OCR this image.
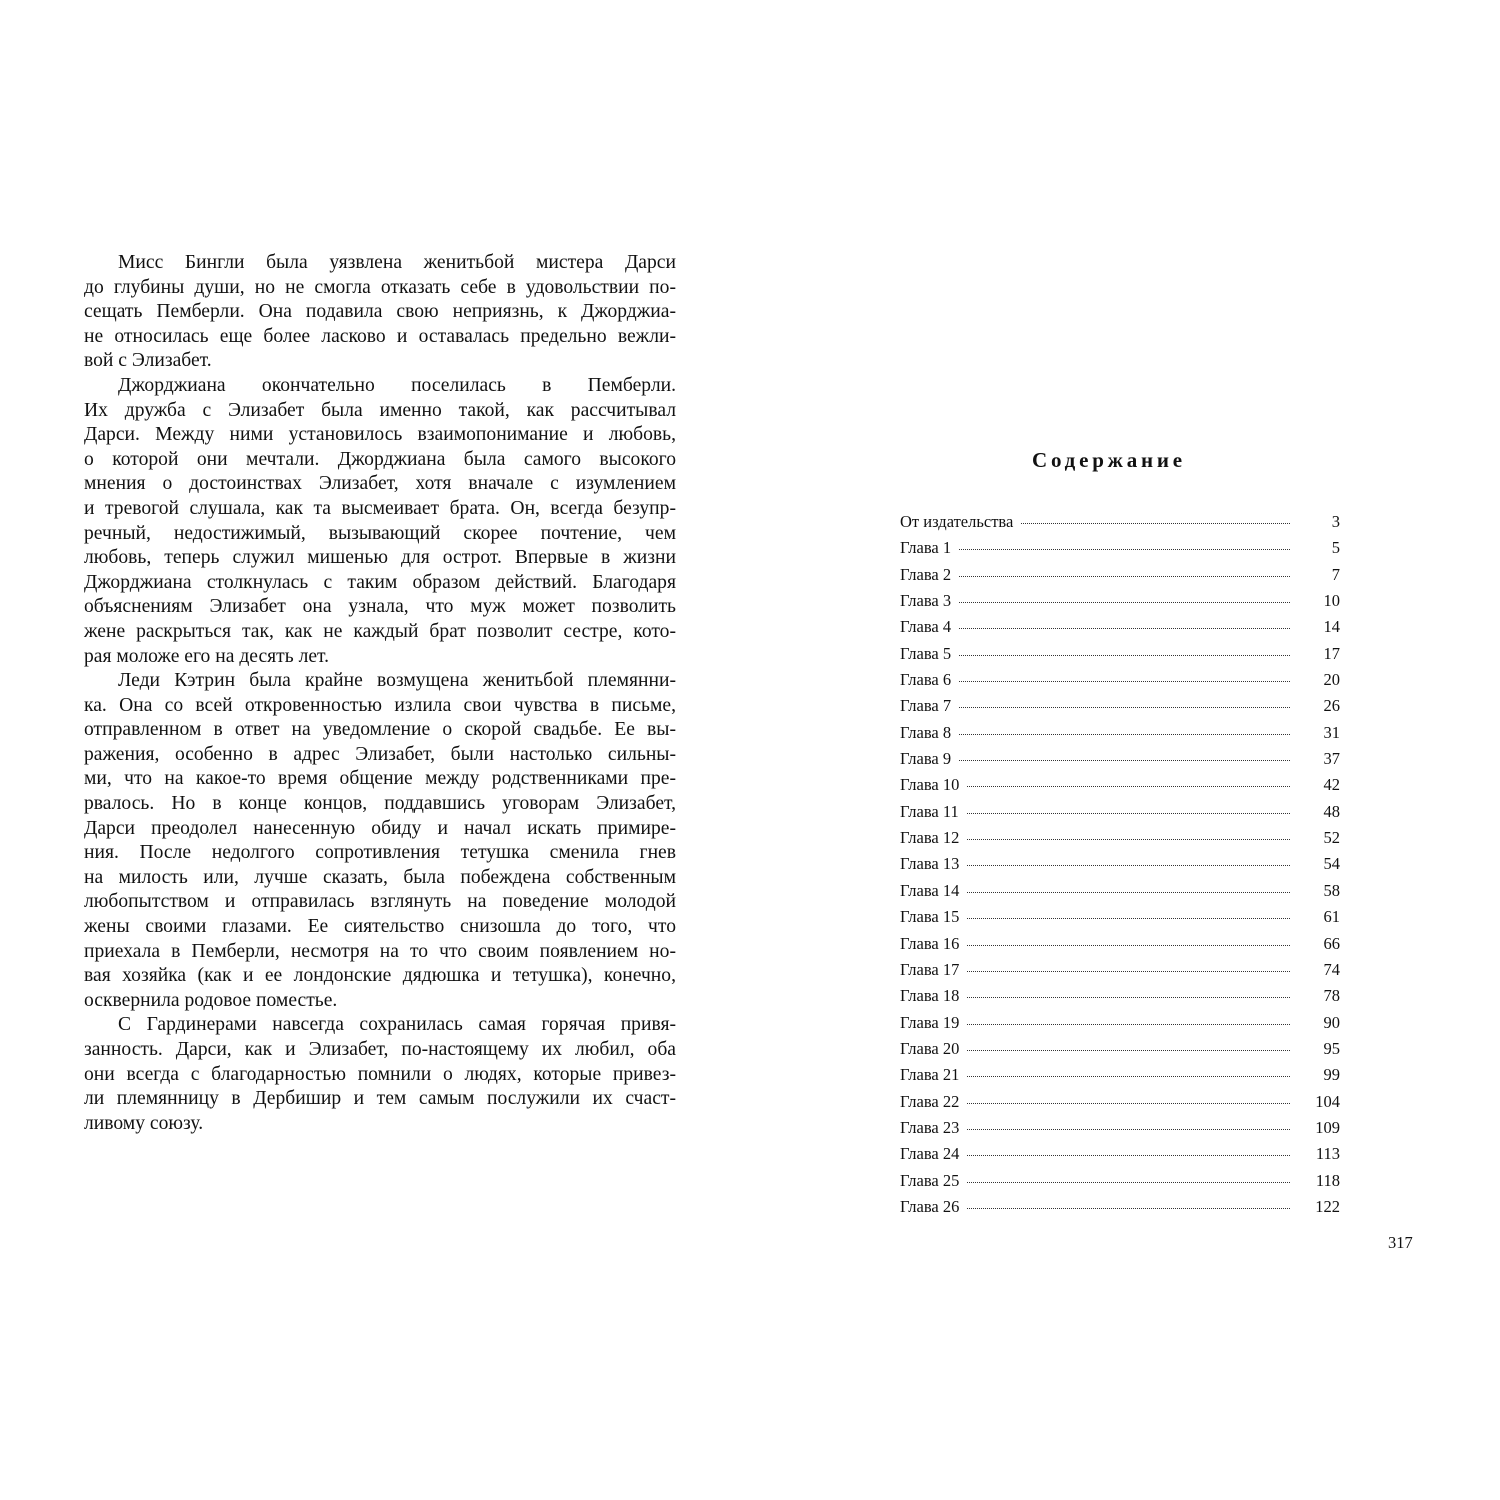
Мисс Бингли была уязвлена женитьбой мистера Дарси
до глубины души, но не смогла отказать себе в удовольствии по-
сещать Пемберли. Она подавила свою неприязнь, к Джорджиа-
не относилась еще более ласково и оставалась предельно вежли-
вой с Элизабет.
Джорджиана окончательно поселилась в Пемберли.
Их дружба с Элизабет была именно такой, как рассчитывал
Дарси. Между ними установилось взаимопонимание и любовь,
о которой они мечтали. Джорджиана была самого высокого
мнения о достоинствах Элизабет, хотя вначале с изумлением
и тревогой слушала, как та высмеивает брата. Он, всегда безупр-
речный, недостижимый, вызывающий скорее почтение, чем
любовь, теперь служил мишенью для острот. Впервые в жизни
Джорджиана столкнулась с таким образом действий. Благодаря
объяснениям Элизабет она узнала, что муж может позволить
жене раскрыться так, как не каждый брат позволит сестре, кото-
рая моложе его на десять лет.
Леди Кэтрин была крайне возмущена женитьбой племянни-
ка. Она со всей откровенностью излила свои чувства в письме,
отправленном в ответ на уведомление о скорой свадьбе. Ее вы-
ражения, особенно в адрес Элизабет, были настолько сильны-
ми, что на какое-то время общение между родственниками пре-
рвалось. Но в конце концов, поддавшись уговорам Элизабет,
Дарси преодолел нанесенную обиду и начал искать примире-
ния. После недолгого сопротивления тетушка сменила гнев
на милость или, лучше сказать, была побеждена собственным
любопытством и отправилась взглянуть на поведение молодой
жены своими глазами. Ее сиятельство снизошла до того, что
приехала в Пемберли, несмотря на то что своим появлением но-
вая хозяйка (как и ее лондонские дядюшка и тетушка), конечно,
осквернила родовое поместье.
С Гардинерами навсегда сохранилась самая горячая привя-
занность. Дарси, как и Элизабет, по-настоящему их любил, оба
они всегда с благодарностью помнили о людях, которые привез-
ли племянницу в Дербишир и тем самым послужили их счаст-
ливому союзу.
Содержание
От издательства	3
Глава 1	5
Глава 2	7
Глава 3	10
Глава 4	14
Глава 5	17
Глава 6	20
Глава 7	26
Глава 8	31
Глава 9	37
Глава 10	42
Глава 11	48
Глава 12	52
Глава 13	54
Глава 14	58
Глава 15	61
Глава 16	66
Глава 17	74
Глава 18	78
Глава 19	90
Глава 20	95
Глава 21	99
Глава 22	104
Глава 23	109
Глава 24	113
Глава 25	118
Глава 26	122
317
